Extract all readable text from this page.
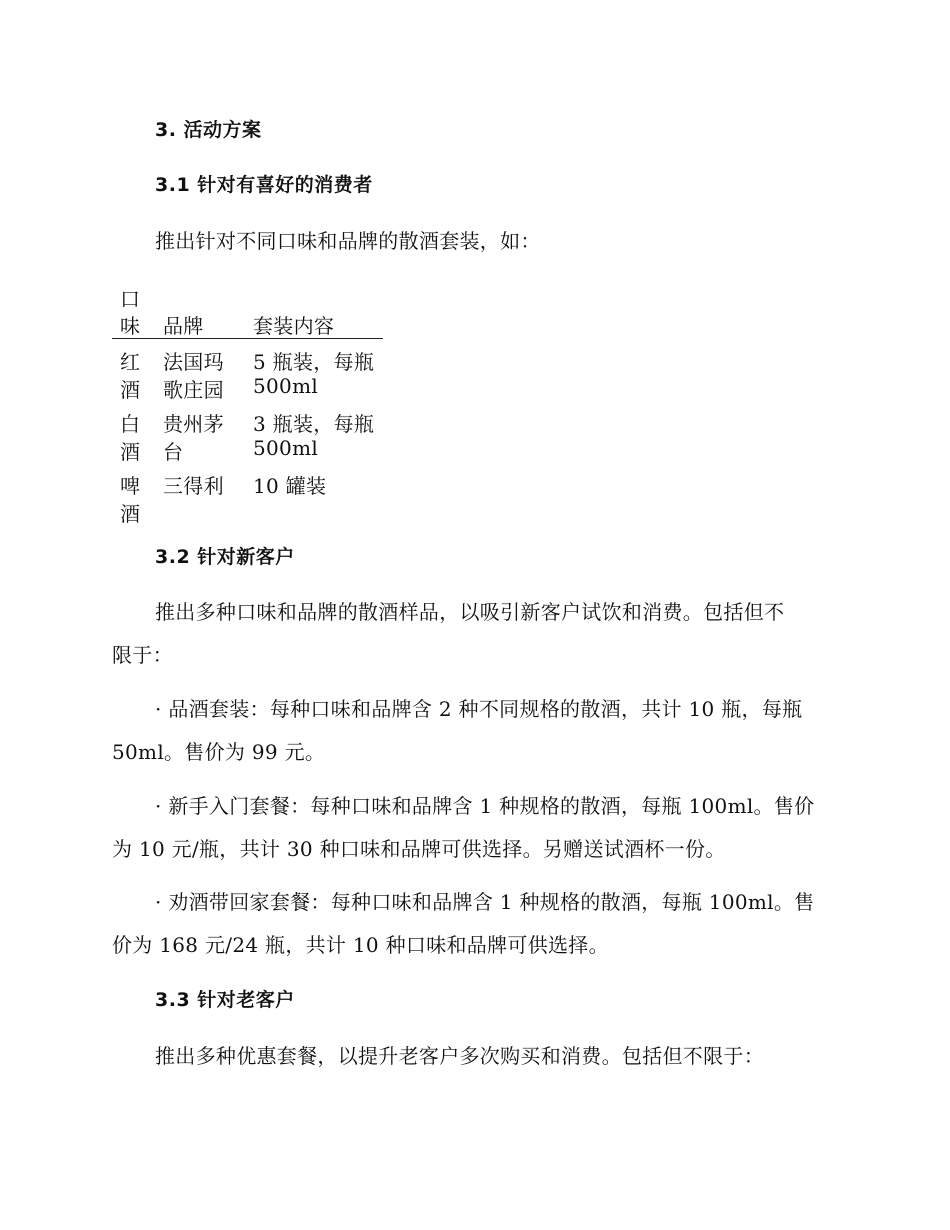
3. 活动方案
3.1 针对有喜好的消费者
推出针对不同口味和品牌的散酒套装，如：
口
味 品牌 套装内容
红
酒
法国玛
歌庄园
5 瓶装，每瓶
500ml
白
酒
贵州茅
台
3 瓶装，每瓶
500ml
啤
酒
三得利 10 罐装
3.2 针对新客户
推出多种口味和品牌的散酒样品，以吸引新客户试饮和消费。包括但不
限于：
· 品酒套装：每种口味和品牌含 2 种不同规格的散酒，共计 10 瓶，每瓶
50ml。售价为 99 元。
· 新手入门套餐：每种口味和品牌含 1 种规格的散酒，每瓶 100ml。售价
为 10 元/瓶，共计 30 种口味和品牌可供选择。另赠送试酒杯一份。
· 劝酒带回家套餐：每种口味和品牌含 1 种规格的散酒，每瓶 100ml。售
价为 168 元/24 瓶，共计 10 种口味和品牌可供选择。
3.3 针对老客户
推出多种优惠套餐，以提升老客户多次购买和消费。包括但不限于：
